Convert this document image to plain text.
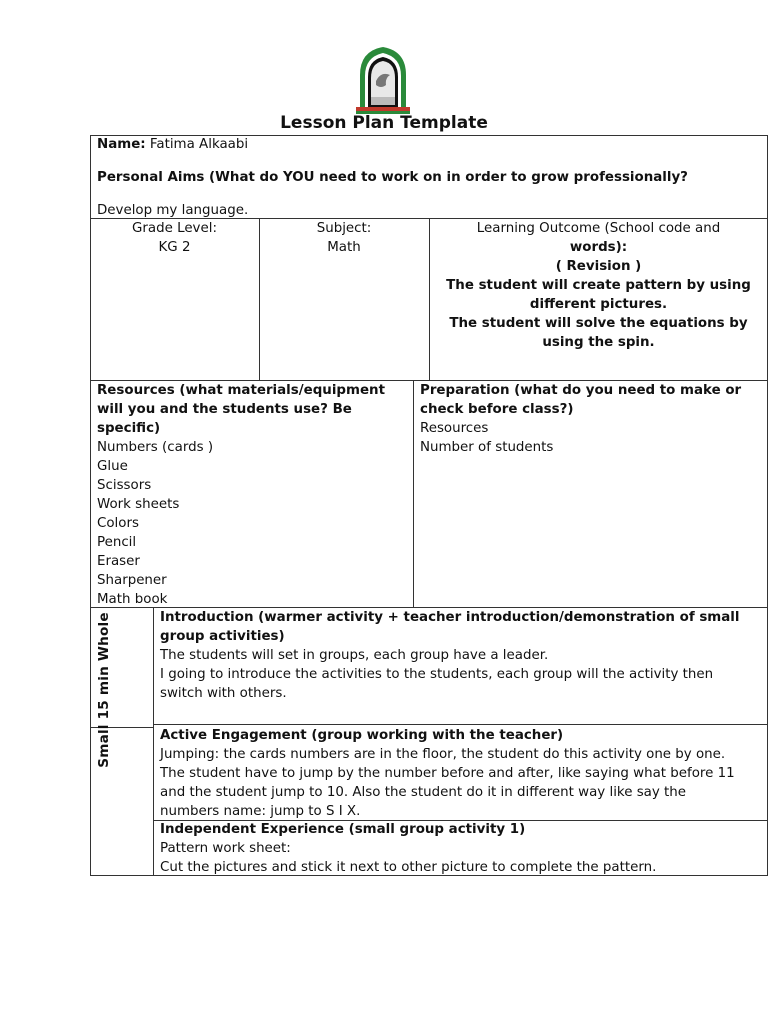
Lesson Plan Template
Name: Fatima Alkaabi
Personal Aims (What do YOU need to work on in order to grow professionally?
Develop my language.
Grade Level:
KG 2
Subject:
Math
Learning Outcome (School code and
words):
( Revision )
The student will create pattern by using
different pictures.
The student will solve the equations by
using the spin.
Resources (what materials/equipment
will you and the students use? Be
specific)
Numbers (cards )
Glue
Scissors
Work sheets
Colors
Pencil
Eraser
Sharpener
Math book
Preparation (what do you need to make or
check before class?)
Resources
Number of students
Small 15 min Whole	Introduction (warmer activity + teacher introduction/demonstration of small
group activities)
The students will set in groups, each group have a leader.
I going to introduce the activities to the students, each group will the activity then
switch with others.
Active Engagement (group working with the teacher)
Jumping: the cards numbers are in the floor, the student do this activity one by one.
The student have to jump by the number before and after, like saying what before 11
and the student jump to 10. Also the student do it in different way like say the
numbers name: jump to S I X.
Independent Experience (small group activity 1)
Pattern work sheet:
Cut the pictures and stick it next to other picture to complete the pattern.
